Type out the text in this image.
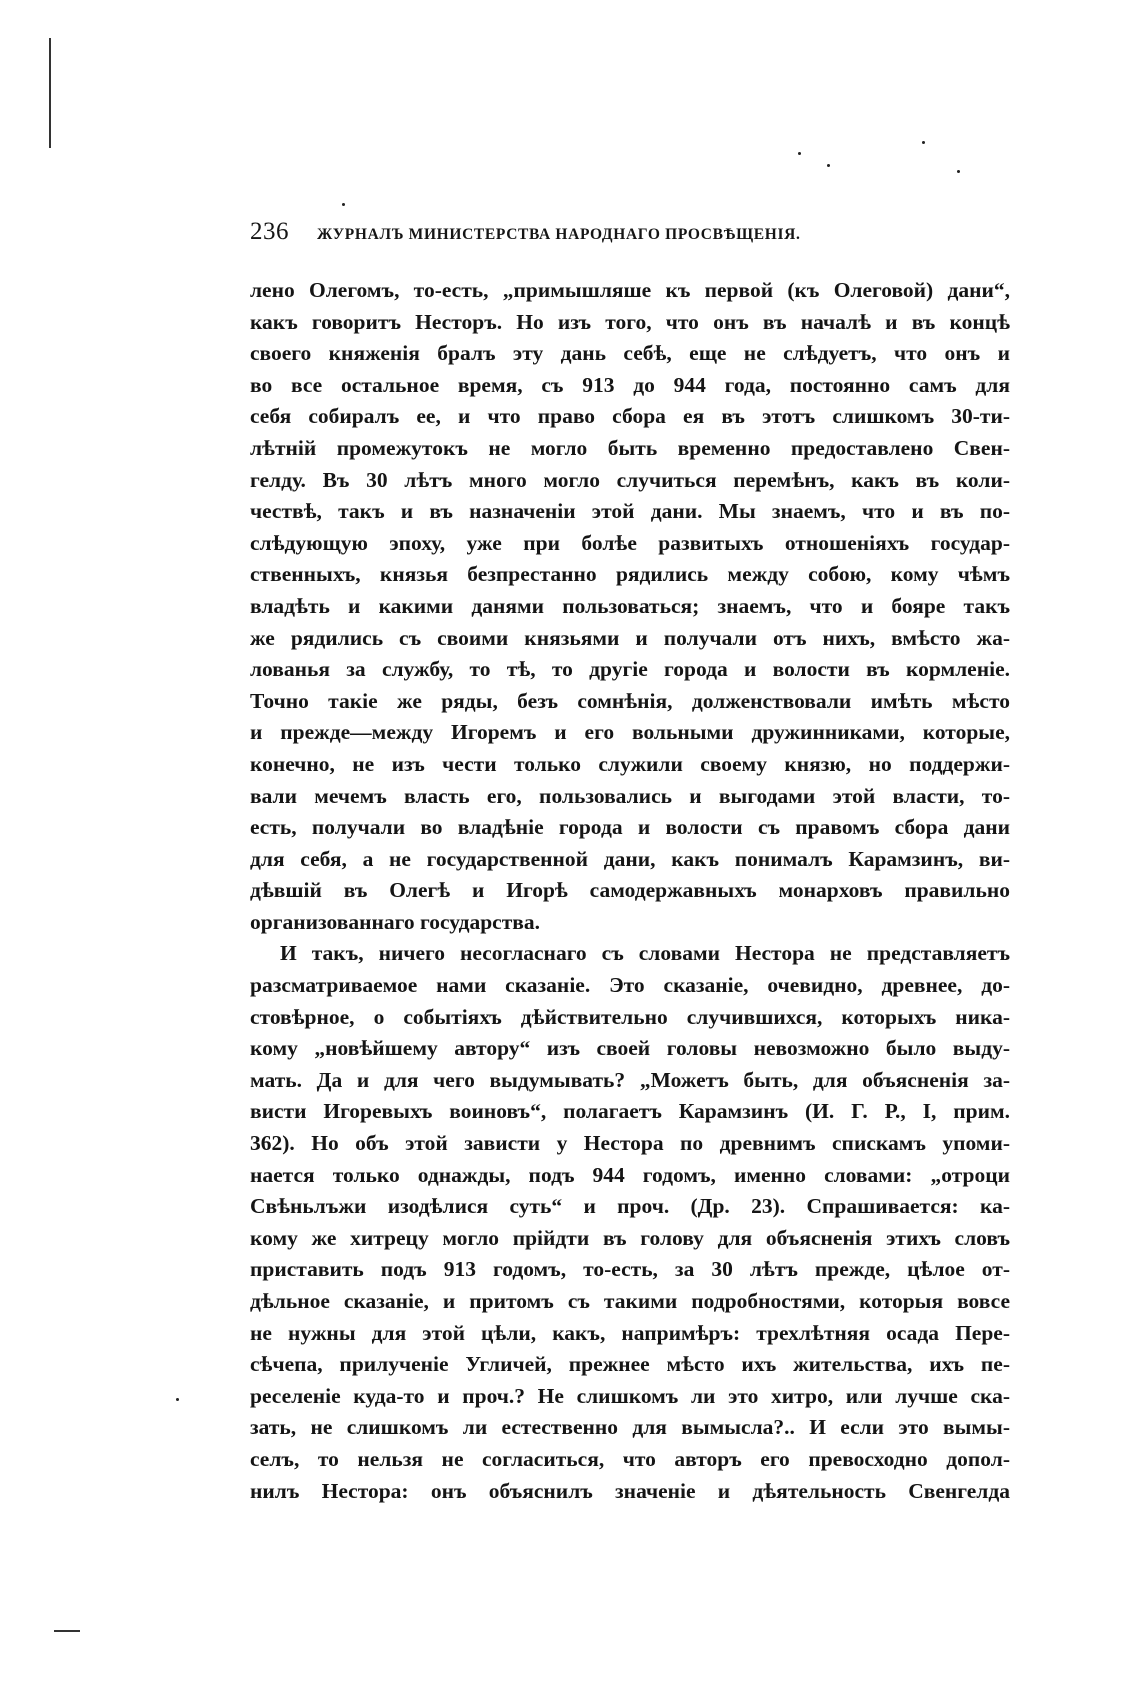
236 ЖУРНАЛЪ МИНИСТЕРСТВА НАРОДНАГО ПРОСВѢЩЕНІЯ.
лено Олегомъ, то-есть, „примышляше къ первой (къ Олеговой) дани“,
какъ говоритъ Несторъ. Но изъ того, что онъ въ началѣ и въ концѣ
своего княженія бралъ эту дань себѣ, еще не слѣдуетъ, что онъ и
во все остальное время, съ 913 до 944 года, постоянно самъ для
себя собиралъ ее, и что право сбора ея въ этотъ слишкомъ 30-ти-
лѣтній промежутокъ не могло быть временно предоставлено Свен-
гелду. Въ 30 лѣтъ много могло случиться перемѣнъ, какъ въ коли-
чествѣ, такъ и въ назначеніи этой дани. Мы знаемъ, что и въ по-
слѣдующую эпоху, уже при болѣе развитыхъ отношеніяхъ государ-
ственныхъ, князья безпрестанно рядились между собою, кому чѣмъ
владѣть и какими данями пользоваться; знаемъ, что и бояре такъ
же рядились съ своими князьями и получали отъ нихъ, вмѣсто жа-
лованья за службу, то тѣ, то другіе города и волости въ кормленіе.
Точно такіе же ряды, безъ сомнѣнія, долженствовали имѣть мѣсто
и прежде—между Игоремъ и его вольными дружинниками, которые,
конечно, не изъ чести только служили своему князю, но поддержи-
вали мечемъ власть его, пользовались и выгодами этой власти, то-
есть, получали во владѣніе города и волости съ правомъ сбора дани
для себя, а не государственной дани, какъ понималъ Карамзинъ, ви-
дѣвшій въ Олегѣ и Игорѣ самодержавныхъ монарховъ правильно
организованнаго государства.
И такъ, ничего несогласнаго съ словами Нестора не представляетъ
разсматриваемое нами сказаніе. Это сказаніе, очевидно, древнее, до-
стовѣрное, о событіяхъ дѣйствительно случившихся, которыхъ ника-
кому „новѣйшему автору“ изъ своей головы невозможно было выду-
мать. Да и для чего выдумывать? „Можетъ быть, для объясненія за-
висти Игоревыхъ воиновъ“, полагаетъ Карамзинъ (И. Г. Р., I, прим.
362). Но объ этой зависти у Нестора по древнимъ спискамъ упоми-
нается только однажды, подъ 944 годомъ, именно словами: „отроци
Свѣньлъжи изодѣлися суть“ и проч. (Др. 23). Спрашивается: ка-
кому же хитрецу могло прійдти въ голову для объясненія этихъ словъ
приставить подъ 913 годомъ, то-есть, за 30 лѣтъ прежде, цѣлое от-
дѣльное сказаніе, и притомъ съ такими подробностями, которыя вовсе
не нужны для этой цѣли, какъ, напримѣръ: трехлѣтняя осада Пере-
сѣчепа, прилученіе Угличей, прежнее мѣсто ихъ жительства, ихъ пе-
реселеніе куда-то и проч.? Не слишкомъ ли это хитро, или лучше ска-
зать, не слишкомъ ли естественно для вымысла?.. И если это вымы-
селъ, то нельзя не согласиться, что авторъ его превосходно допол-
нилъ Нестора: онъ объяснилъ значеніе и дѣятельность Свенгелда
